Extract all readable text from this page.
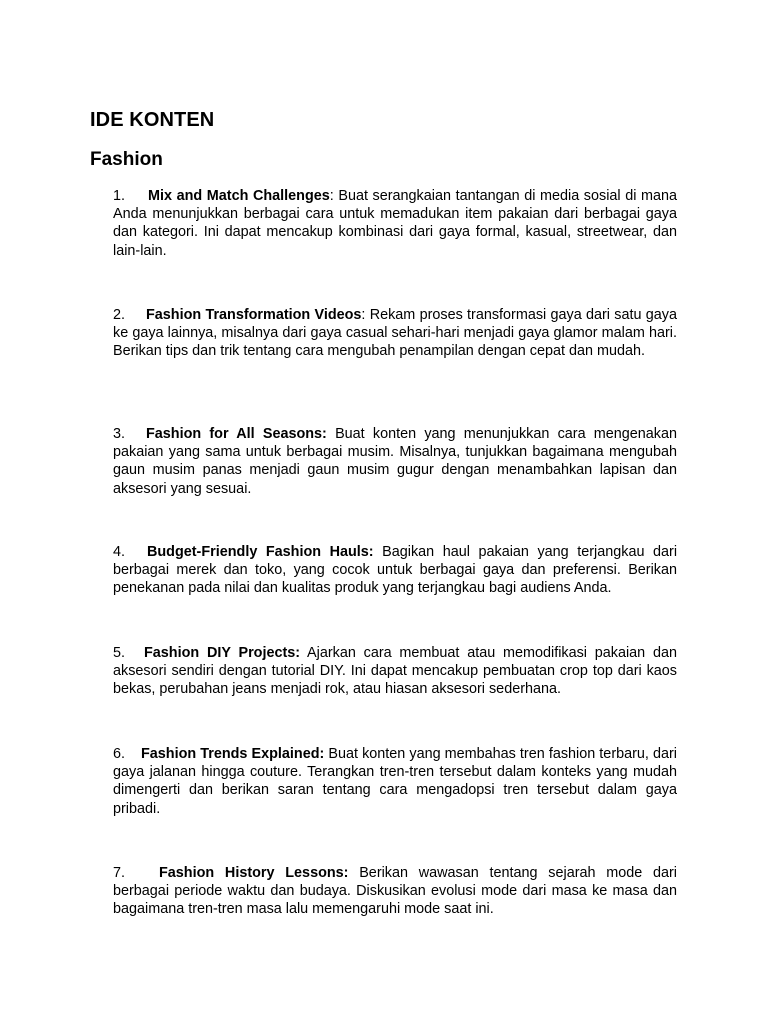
IDE KONTEN
Fashion

1. Mix and Match Challenges: Buat serangkaian tantangan di media sosial di mana Anda menunjukkan berbagai cara untuk memadukan item pakaian dari berbagai gaya dan kategori. Ini dapat mencakup kombinasi dari gaya formal, kasual, streetwear, dan lain-lain.

2. Fashion Transformation Videos: Rekam proses transformasi gaya dari satu gaya ke gaya lainnya, misalnya dari gaya casual sehari-hari menjadi gaya glamor malam hari. Berikan tips dan trik tentang cara mengubah penampilan dengan cepat dan mudah.

3. Fashion for All Seasons: Buat konten yang menunjukkan cara mengenakan pakaian yang sama untuk berbagai musim. Misalnya, tunjukkan bagaimana mengubah gaun musim panas menjadi gaun musim gugur dengan menambahkan lapisan dan aksesori yang sesuai.

4. Budget-Friendly Fashion Hauls: Bagikan haul pakaian yang terjangkau dari berbagai merek dan toko, yang cocok untuk berbagai gaya dan preferensi. Berikan penekanan pada nilai dan kualitas produk yang terjangkau bagi audiens Anda.

5. Fashion DIY Projects: Ajarkan cara membuat atau memodifikasi pakaian dan aksesori sendiri dengan tutorial DIY. Ini dapat mencakup pembuatan crop top dari kaos bekas, perubahan jeans menjadi rok, atau hiasan aksesori sederhana.

6. Fashion Trends Explained: Buat konten yang membahas tren fashion terbaru, dari gaya jalanan hingga couture. Terangkan tren-tren tersebut dalam konteks yang mudah dimengerti dan berikan saran tentang cara mengadopsi tren tersebut dalam gaya pribadi.

7. Fashion History Lessons: Berikan wawasan tentang sejarah mode dari berbagai periode waktu dan budaya. Diskusikan evolusi mode dari masa ke masa dan bagaimana tren-tren masa lalu memengaruhi mode saat ini.
